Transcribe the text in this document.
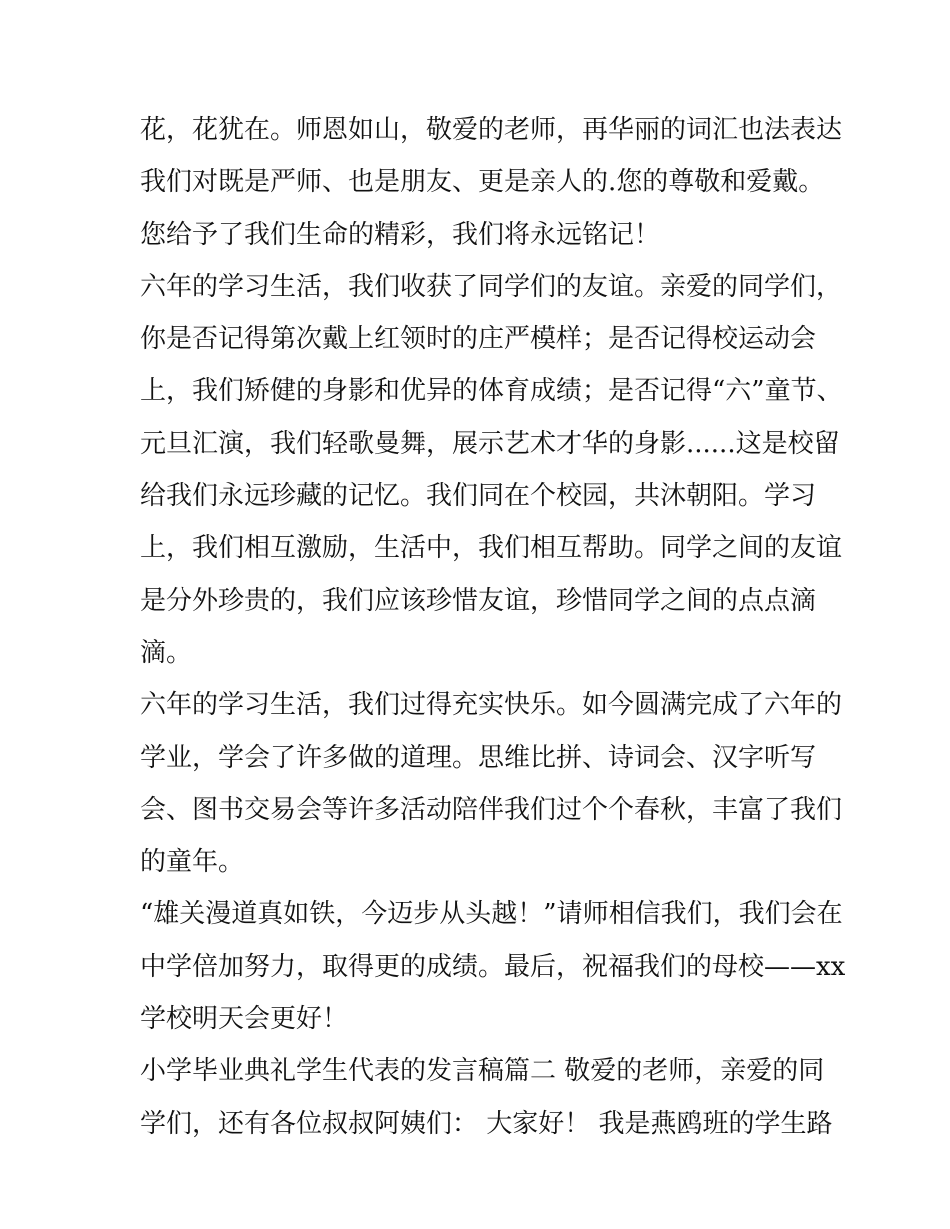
花，花犹在。师恩如山，敬爱的老师，再华丽的词汇也法表达
我们对既是严师、也是朋友、更是亲人的.您的尊敬和爱戴。
您给予了我们生命的精彩，我们将永远铭记！
六年的学习生活，我们收获了同学们的友谊。亲爱的同学们，
你是否记得第次戴上红领时的庄严模样；是否记得校运动会
上，我们矫健的身影和优异的体育成绩；是否记得“六”童节、
元旦汇演，我们轻歌曼舞，展示艺术才华的身影......这是校留
给我们永远珍藏的记忆。我们同在个校园，共沐朝阳。学习
上，我们相互激励，生活中，我们相互帮助。同学之间的友谊
是分外珍贵的，我们应该珍惜友谊，珍惜同学之间的点点滴
滴。
六年的学习生活，我们过得充实快乐。如今圆满完成了六年的
学业，学会了许多做的道理。思维比拼、诗词会、汉字听写
会、图书交易会等许多活动陪伴我们过个个春秋，丰富了我们
的童年。
“雄关漫道真如铁，今迈步从头越！”请师相信我们，我们会在
中学倍加努力，取得更的成绩。最后，祝福我们的母校——xx
学校明天会更好！
小学毕业典礼学生代表的发言稿篇二 敬爱的老师，亲爱的同
学们，还有各位叔叔阿姨们： 大家好！ 我是燕鸥班的学生路
